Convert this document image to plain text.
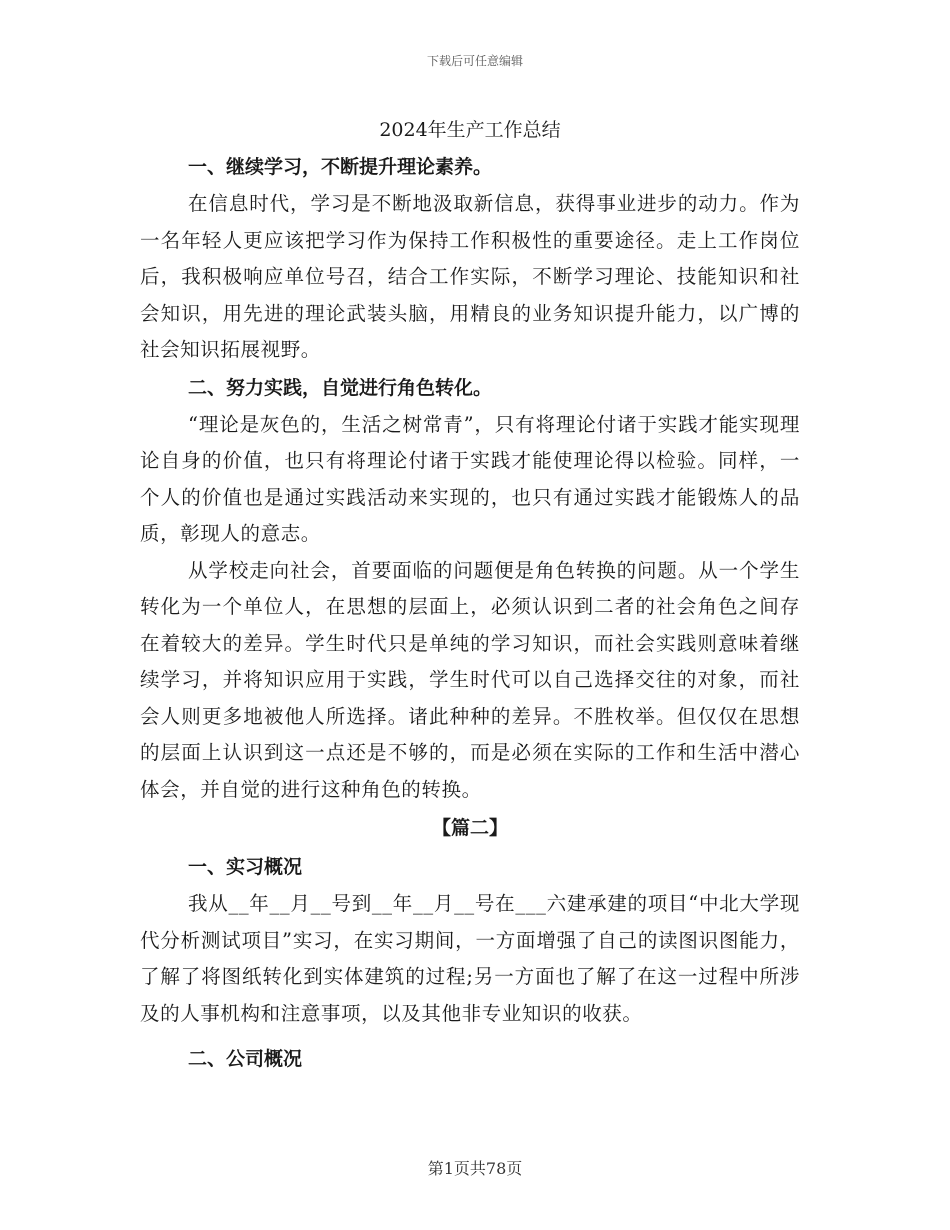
下载后可任意编辑
2024年生产工作总结
一、继续学习，不断提升理论素养。

在信息时代，学习是不断地汲取新信息，获得事业进步的动力。作为一名年轻人更应该把学习作为保持工作积极性的重要途径。走上工作岗位后，我积极响应单位号召，结合工作实际，不断学习理论、技能知识和社会知识，用先进的理论武装头脑，用精良的业务知识提升能力，以广博的社会知识拓展视野。

二、努力实践，自觉进行角色转化。

“理论是灰色的，生活之树常青”，只有将理论付诸于实践才能实现理论自身的价值，也只有将理论付诸于实践才能使理论得以检验。同样，一个人的价值也是通过实践活动来实现的，也只有通过实践才能锻炼人的品质，彰现人的意志。

从学校走向社会，首要面临的问题便是角色转换的问题。从一个学生转化为一个单位人，在思想的层面上，必须认识到二者的社会角色之间存在着较大的差异。学生时代只是单纯的学习知识，而社会实践则意味着继续学习，并将知识应用于实践，学生时代可以自己选择交往的对象，而社会人则更多地被他人所选择。诸此种种的差异。不胜枚举。但仅仅在思想的层面上认识到这一点还是不够的，而是必须在实际的工作和生活中潜心体会，并自觉的进行这种角色的转换。

【篇二】
一、实习概况

我从__年__月__号到__年__月__号在___六建承建的项目“中北大学现代分析测试项目”实习，在实习期间，一方面增强了自己的读图识图能力，了解了将图纸转化到实体建筑的过程;另一方面也了解了在这一过程中所涉及的人事机构和注意事项，以及其他非专业知识的收获。

二、公司概况
第1页共78页
